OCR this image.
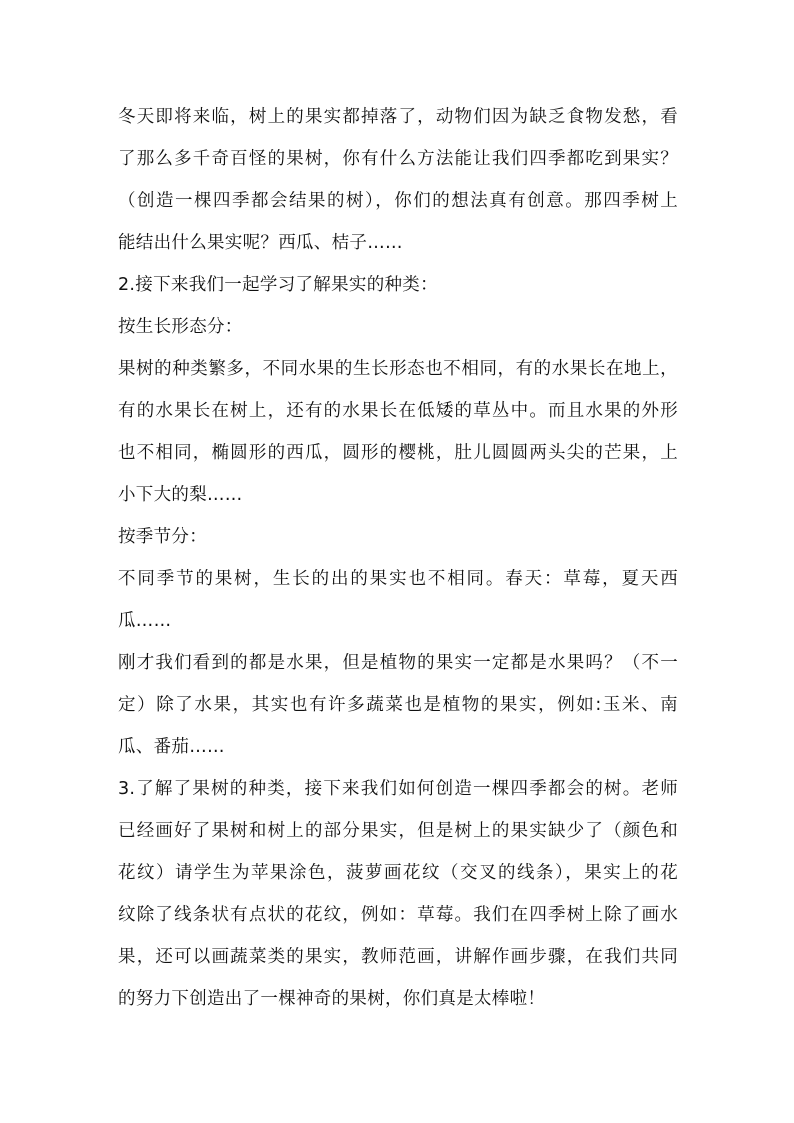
冬天即将来临，树上的果实都掉落了，动物们因为缺乏食物发愁，看
了那么多千奇百怪的果树，你有什么方法能让我们四季都吃到果实？
（创造一棵四季都会结果的树），你们的想法真有创意。那四季树上
能结出什么果实呢？西瓜、桔子……
2.接下来我们一起学习了解果实的种类：
按生长形态分：
果树的种类繁多，不同水果的生长形态也不相同，有的水果长在地上，
有的水果长在树上，还有的水果长在低矮的草丛中。而且水果的外形
也不相同，椭圆形的西瓜，圆形的樱桃，肚儿圆圆两头尖的芒果，上
小下大的梨……
按季节分：
不同季节的果树，生长的出的果实也不相同。春天：草莓，夏天西
瓜……
刚才我们看到的都是水果，但是植物的果实一定都是水果吗？（不一
定）除了水果，其实也有许多蔬菜也是植物的果实，例如:玉米、南
瓜、番茄……
3.了解了果树的种类，接下来我们如何创造一棵四季都会的树。老师
已经画好了果树和树上的部分果实，但是树上的果实缺少了（颜色和
花纹）请学生为苹果涂色，菠萝画花纹（交叉的线条），果实上的花
纹除了线条状有点状的花纹，例如：草莓。我们在四季树上除了画水
果，还可以画蔬菜类的果实，教师范画，讲解作画步骤，在我们共同
的努力下创造出了一棵神奇的果树，你们真是太棒啦！
